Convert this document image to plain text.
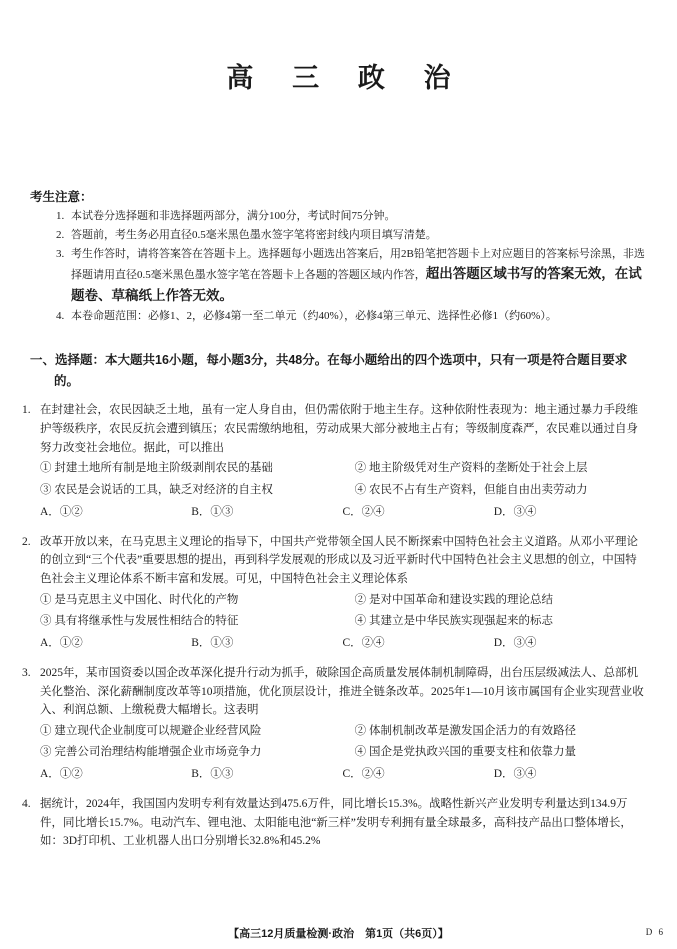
高 三 政 治
考生注意：
1. 本试卷分选择题和非选择题两部分，满分100分，考试时间75分钟。
2. 答题前，考生务必用直径0.5毫米黑色墨水签字笔将密封线内项目填写清楚。
3. 考生作答时，请将答案答在答题卡上。选择题每小题选出答案后，用2B铅笔把答题卡上对应题目的答案标号涂黑，非选择题请用直径0.5毫米黑色墨水签字笔在答题卡上各题的答题区域内作答，超出答题区域书写的答案无效，在试题卷、草稿纸上作答无效。
4. 本卷命题范围：必修1、2，必修4第一至二单元（约40%），必修4第三单元、选择性必修1（约60%）。
一、选择题：本大题共16小题，每小题3分，共48分。在每小题给出的四个选项中，只有一项是符合题目要求的。
1. 在封建社会，农民因缺乏土地，虽有一定人身自由，但仍需依附于地主生存。这种依附性表现为：地主通过暴力手段维护等级秩序，农民反抗会遭到镇压；农民需缴纳地租，劳动成果大部分被地主占有；等级制度森严，农民难以通过自身努力改变社会地位。据此，可以推出
① 封建土地所有制是地主阶级剥削农民的基础	② 地主阶级凭对生产资料的垄断处于社会上层
③ 农民是会说话的工具，缺乏对经济的自主权	④ 农民不占有生产资料，但能自由出卖劳动力
A．①②	B．①③	C．②④	D．③④
2. 改革开放以来，在马克思主义理论的指导下，中国共产党带领全国人民不断探索中国特色社会主义道路。从邓小平理论的创立到“三个代表”重要思想的提出，再到科学发展观的形成以及习近平新时代中国特色社会主义思想的创立，中国特色社会主义理论体系不断丰富和发展。可见，中国特色社会主义理论体系
① 是马克思主义中国化、时代化的产物	② 是对中国革命和建设实践的理论总结
③ 具有将继承性与发展性相结合的特征	④ 其建立是中华民族实现强起来的标志
A．①②	B．①③	C．②④	D．③④
3. 2025年，某市国资委以国企改革深化提升行动为抓手，破除国企高质量发展体制机制障碍，出台压层级减法人、总部机关化整治、深化薪酬制度改革等10项措施，优化顶层设计，推进全链条改革。2025年1—10月该市属国有企业实现营业收入、利润总额、上缴税费大幅增长。这表明
① 建立现代企业制度可以规避企业经营风险	② 体制机制改革是激发国企活力的有效路径
③ 完善公司治理结构能增强企业市场竞争力	④ 国企是党执政兴国的重要支柱和依靠力量
A．①②	B．①③	C．②④	D．③④
4. 据统计，2024年，我国国内发明专利有效量达到475.6万件，同比增长15.3%。战略性新兴产业发明专利量达到134.9万件，同比增长15.7%。电动汽车、锂电池、太阳能电池“新三样”发明专利拥有量全球最多，高科技产品出口整体增长，如：3D打印机、工业机器人出口分别增长32.8%和45.2%
【高三12月质量检测·政治　第1页（共6页）】	D 6
